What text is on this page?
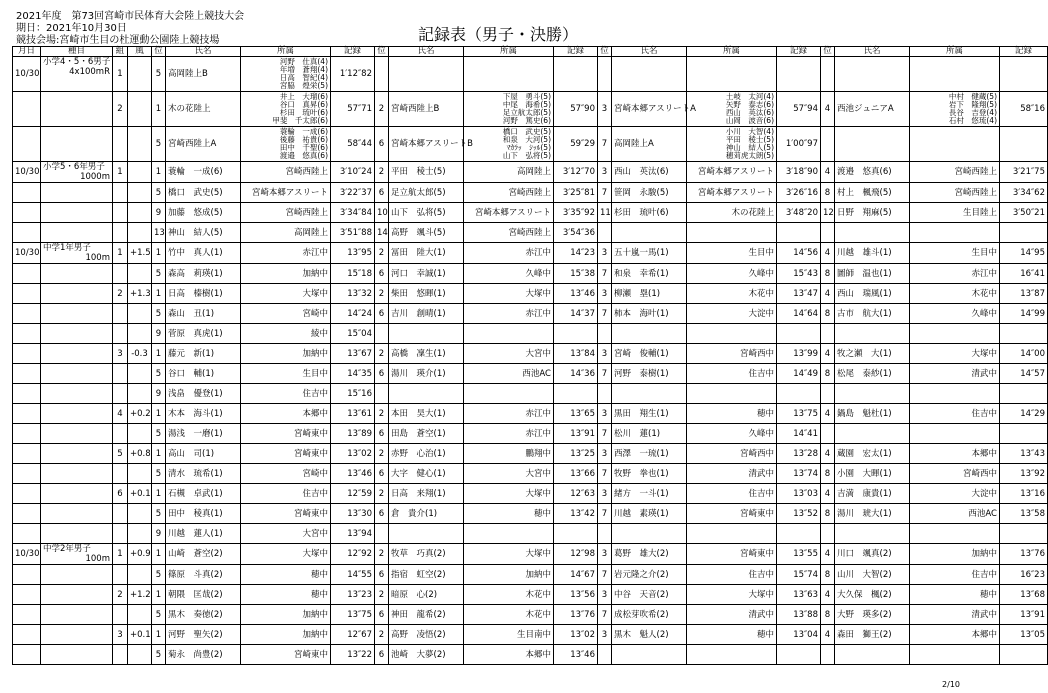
2021年度　第73回宮崎市民体育大会陸上競技大会
期日：2021年10月30日
競技会場:宮崎市生目の杜運動公園陸上競技場	記録表（男子・決勝）
月日	種目	組	風	位	氏名	所属	記録	位	氏名	所属	記録	位	氏名	所属	記録	位	氏名	所属	記録
10/30	小学4・5・6男子
4x100mR	1		5	高岡陸上B	河野　仕真(4)
年増　蒼翔(4)
日高　智紀(4)
宮脇　煌栄(5)	1′12″82												

	2		1	木の花陸上	井上　大瑠(6)
谷口　真昇(6)
杉田　琉叶(6)
甲斐　千太郎(6)	57″71	2	宮崎西陸上B	下屋　勇斗(5)
中尾　海希(5)
足立航太郎(5)
河野　篤史(6)	57″90	3	宮崎本郷アスリートA	土岐　太河(4)
矢野　泰志(6)
西山　英汰(6)
山岡　波音(6)	57″94	4	西池ジュニアA	中村　健蔵(5)
岩下　隆翔(5)
長谷　吉登(4)
石村　悠琉(4)	58″16

			5	宮崎西陸上A	蓑輪　一成(6)
後藤　祐貴(6)
田中　千聖(6)
渡邉　悠真(6)	58″44	6	宮崎本郷アスリートB	橋口　武史(5)
和泉　大河(5)
ﾏｶﾗｯ　ｼｯﾙ(5)
山下　弘将(5)	59″29	7	高岡陸上A	小川　大智(4)
平田　稜士(5)
神山　結人(5)
穂苅虎太朗(5)	1′00″97				
10/30	小学5・6年男子
1000m	1		1	蓑輪　一成(6)	宮崎西陸上	3′10″24	2	平田　稜士(5)	高岡陸上	3′12″70	3	西山　英汰(6)	宮崎本郷アスリート	3′18″90	4	渡邉　悠真(6)	宮崎西陸上	3′21″75

			5	橋口　武史(5)	宮崎本郷アスリート	3′22″37	6	足立航太郎(5)	宮崎西陸上	3′25″81	7	笹岡　永駿(5)	宮崎本郷アスリート	3′26″16	8	村上　楓飛(5)	宮崎西陸上	3′34″62

			9	加藤　悠成(5)	宮崎西陸上	3′34″84	10	山下　弘将(5)	宮崎本郷アスリート	3′35″92	11	杉田　琉叶(6)	木の花陸上	3′48″20	12	日野　翔麻(5)	生目陸上	3′50″21

			13	神山　結人(5)	高岡陸上	3′51″88	14	高野　颯斗(5)	宮崎西陸上	3′54″36								
10/30	中学1年男子
100m	1	+1.5	1	竹中　真人(1)	赤江中	13″95	2	冨田　陸大(1)	赤江中	14″23	3	五十嵐一馬(1)	生目中	14″56	4	川越　雄斗(1)	生目中	14″95

			5	森高　莉瑛(1)	加納中	15″18	6	河口　幸誠(1)	久峰中	15″38	7	和泉　幸希(1)	久峰中	15″43	8	圖師　温也(1)	赤江中	16″41

	2	+1.3	1	日高　榛樹(1)	大塚中	13″32	2	柴田　悠暉(1)	大塚中	13″46	3	柳瀬　塁(1)	木花中	13″47	4	西山　瑞風(1)	木花中	13″87

			5	森山　丑(1)	宮崎中	14″24	6	吉川　創晴(1)	赤江中	14″37	7	柿本　海叶(1)	大淀中	14″64	8	古市　航大(1)	久峰中	14″99

			9	菅原　真虎(1)	綾中	15″04												

	3	-0.3	1	藤元　新(1)	加納中	13″67	2	高橋　凜生(1)	大宮中	13″84	3	宮崎　俊輔(1)	宮崎西中	13″99	4	牧之瀬　大(1)	大塚中	14″00

			5	谷口　輔(1)	生目中	14″35	6	湯川　瑛介(1)	西池AC	14″36	7	河野　泰樹(1)	住吉中	14″49	8	松尾　泰紗(1)	清武中	14″57

			9	浅畠　優登(1)	住吉中	15″16												

	4	+0.2	1	木本　海斗(1)	本郷中	13″61	2	本田　昊大(1)	赤江中	13″65	3	黒田　翔生(1)	穂中	13″75	4	鍋島　魁杜(1)	住吉中	14″29

			5	湯浅　一磨(1)	宮崎東中	13″89	6	田島　蒼空(1)	赤江中	13″91	7	松川　蓮(1)	久峰中	14″41				

	5	+0.8	1	高山　司(1)	宮崎東中	13″02	2	赤野　心治(1)	鵬翔中	13″25	3	西澤　一琉(1)	宮崎西中	13″28	4	蔵園　宏太(1)	本郷中	13″43

			5	清水　琉希(1)	宮崎中	13″46	6	大字　健心(1)	大宮中	13″66	7	牧野　拳也(1)	清武中	13″74	8	小園　大暉(1)	宮崎西中	13″92

	6	+0.1	1	石槻　卓武(1)	住吉中	12″59	2	日高　来翔(1)	大塚中	12″63	3	緒方　一斗(1)	住吉中	13″03	4	吉満　康貴(1)	大淀中	13″16

			5	田中　稜真(1)	宮崎東中	13″30	6	倉　貴介(1)	穂中	13″42	7	川越　素瑛(1)	宮崎東中	13″52	8	湯川　琥大(1)	西池AC	13″58

			9	川越　蓮人(1)	大宮中	13″94												
10/30	中学2年男子
100m	1	+0.9	1	山崎　蒼空(2)	大塚中	12″92	2	牧草　巧真(2)	大塚中	12″98	3	葛野　雄大(2)	宮崎東中	13″55	4	川口　颯真(2)	加納中	13″76

			5	篠原　斗真(2)	穂中	14″55	6	指宿　虹空(2)	加納中	14″67	7	岩元隆之介(2)	住吉中	15″74	8	山川　大智(2)	住吉中	16″23

	2	+1.2	1	朝隈　匡哉(2)	穂中	13″23	2	暗原　心(2)	木花中	13″56	3	中谷　天音(2)	大塚中	13″63	4	大久保　楓(2)	穂中	13″68

			5	黒木　奏徳(2)	加納中	13″75	6	神田　龍希(2)	木花中	13″76	7	成松芽吹希(2)	清武中	13″88	8	大野　瑛多(2)	清武中	13″91

	3	+0.1	1	河野　聖矢(2)	加納中	12″67	2	高野　凌悟(2)	生目南中	13″02	3	黒木　魁人(2)	穂中	13″04	4	森田　獅王(2)	本郷中	13″05

			5	菊永　尚豊(2)	宮崎東中	13″22	6	池崎　大夢(2)	本郷中	13″46								
2/10
